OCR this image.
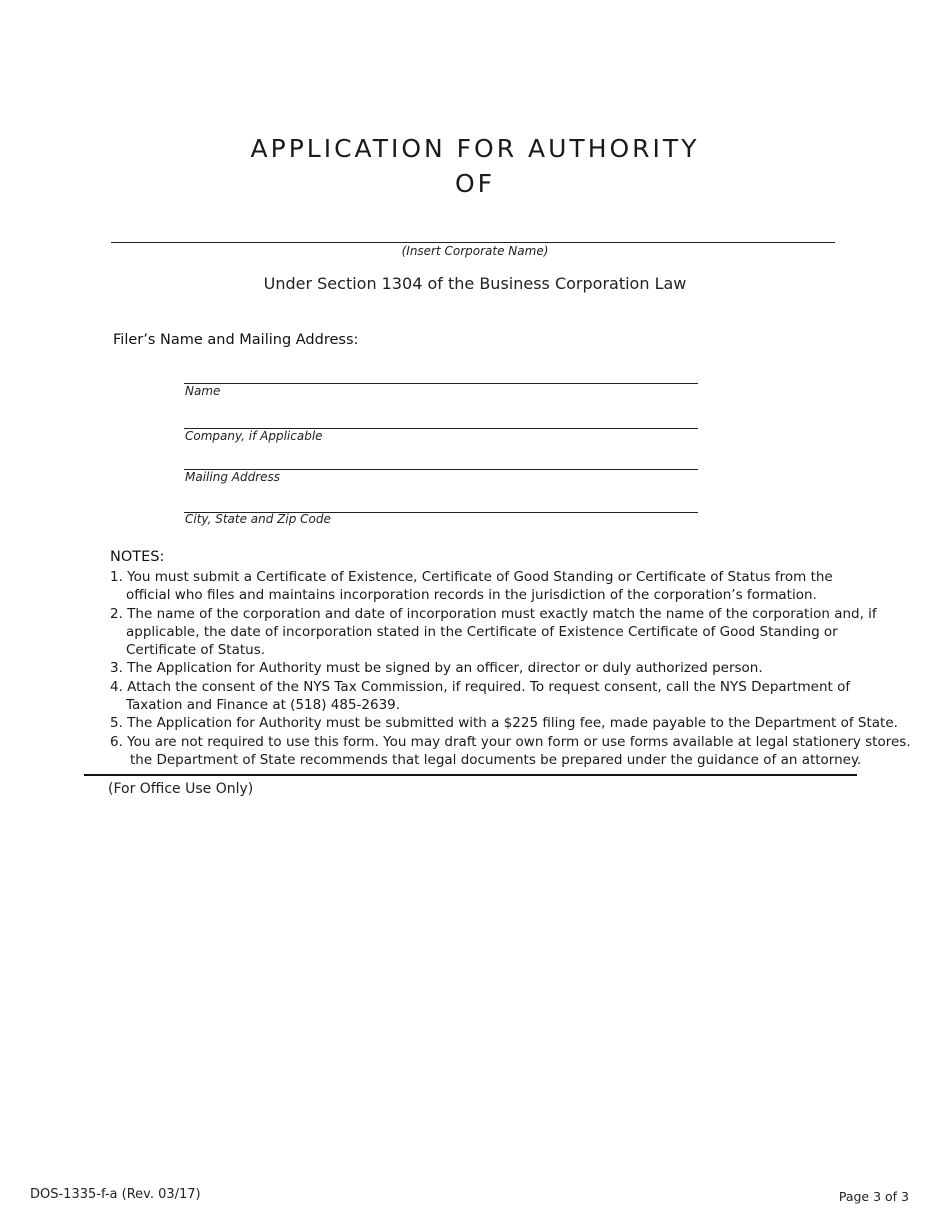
APPLICATION FOR AUTHORITY
OF
(Insert Corporate Name)
Under Section 1304 of the Business Corporation Law
Filer’s Name and Mailing Address:
Name
Company, if Applicable
Mailing Address
City, State and Zip Code
NOTES:
1. You must submit a Certificate of Existence, Certificate of Good Standing or Certificate of Status from the
official who files and maintains incorporation records in the jurisdiction of the corporation’s formation.
2. The name of the corporation and date of incorporation must exactly match the name of the corporation and, if
applicable, the date of incorporation stated in the Certificate of Existence Certificate of Good Standing or
Certificate of Status.
3. The Application for Authority must be signed by an officer, director or duly authorized person.
4. Attach the consent of the NYS Tax Commission, if required. To request consent, call the NYS Department of
Taxation and Finance at (518) 485-2639.
5. The Application for Authority must be submitted with a $225 filing fee, made payable to the Department of State.
6. You are not required to use this form. You may draft your own form or use forms available at legal stationery stores.
the Department of State recommends that legal documents be prepared under the guidance of an attorney.
(For Office Use Only)
DOS-1335-f-a (Rev. 03/17)	Page 3 of 3
